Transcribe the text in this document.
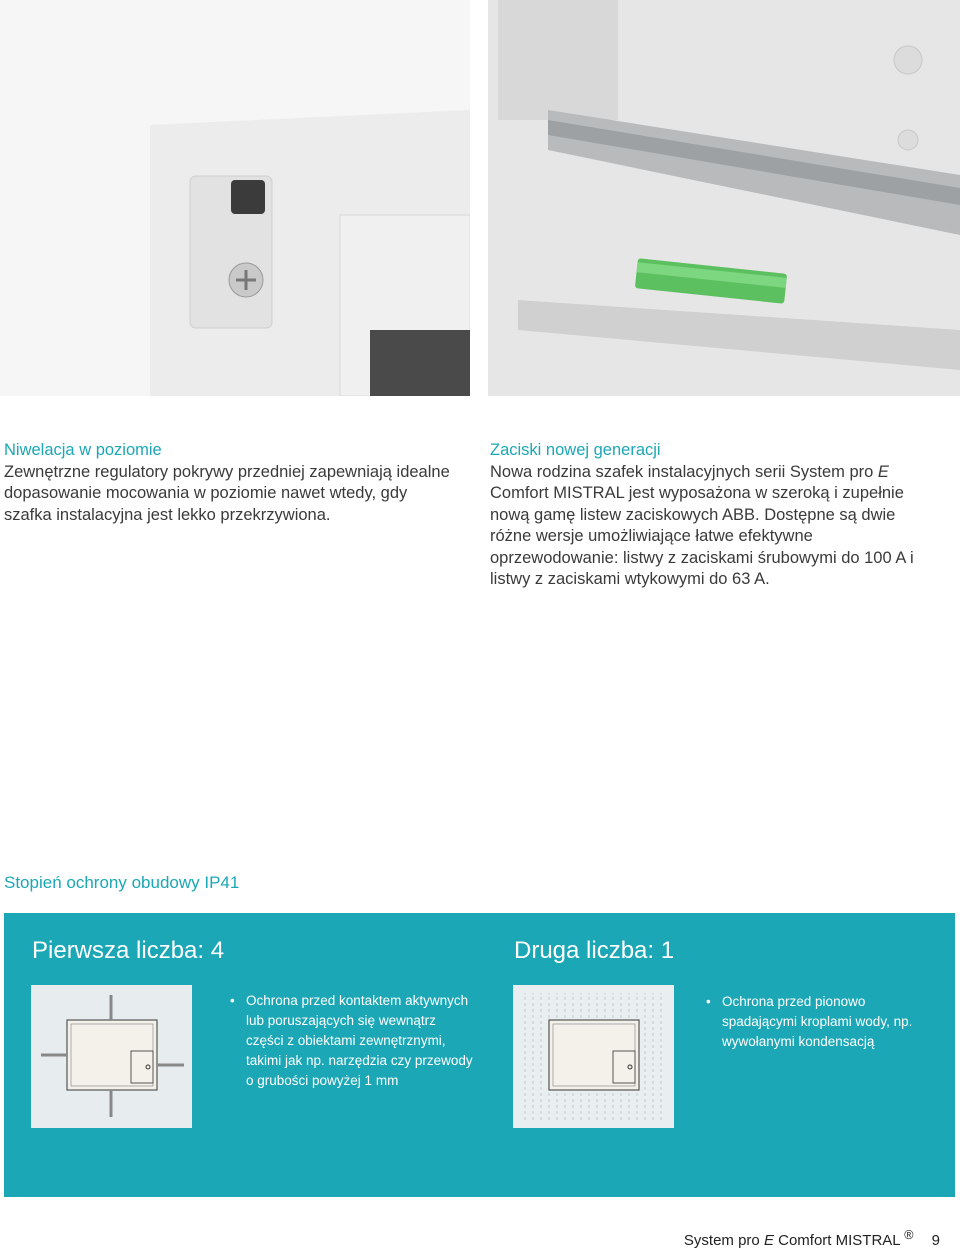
Niwelacja w poziomie
Zewnętrzne regulatory pokrywy przedniej zapewniają idealne dopasowanie mocowania w poziomie nawet wtedy, gdy szafka instalacyjna jest lekko przekrzywiona.
Zaciski nowej generacji
Nowa rodzina szafek instalacyjnych serii System pro E Comfort MISTRAL jest wyposażona w szeroką i zupełnie nową gamę listew zaciskowych ABB. Dostępne są dwie różne wersje umożliwiające łatwe efektywne oprzewodowanie: listwy z zaciskami śrubowymi do 100 A i listwy z zaciskami wtykowymi do 63 A.
Stopień ochrony obudowy IP41
Pierwsza liczba: 4	Druga liczba: 1
• Ochrona przed kontaktem aktywnych lub poruszających się wewnątrz części z obiektami zewnętrznymi, takimi jak np. narzędzia czy przewody o grubości powyżej 1 mm
• Ochrona przed pionowo spadającymi kroplami wody, np. wywołanymi kondensacją
System pro E Comfort MISTRAL ® 9
